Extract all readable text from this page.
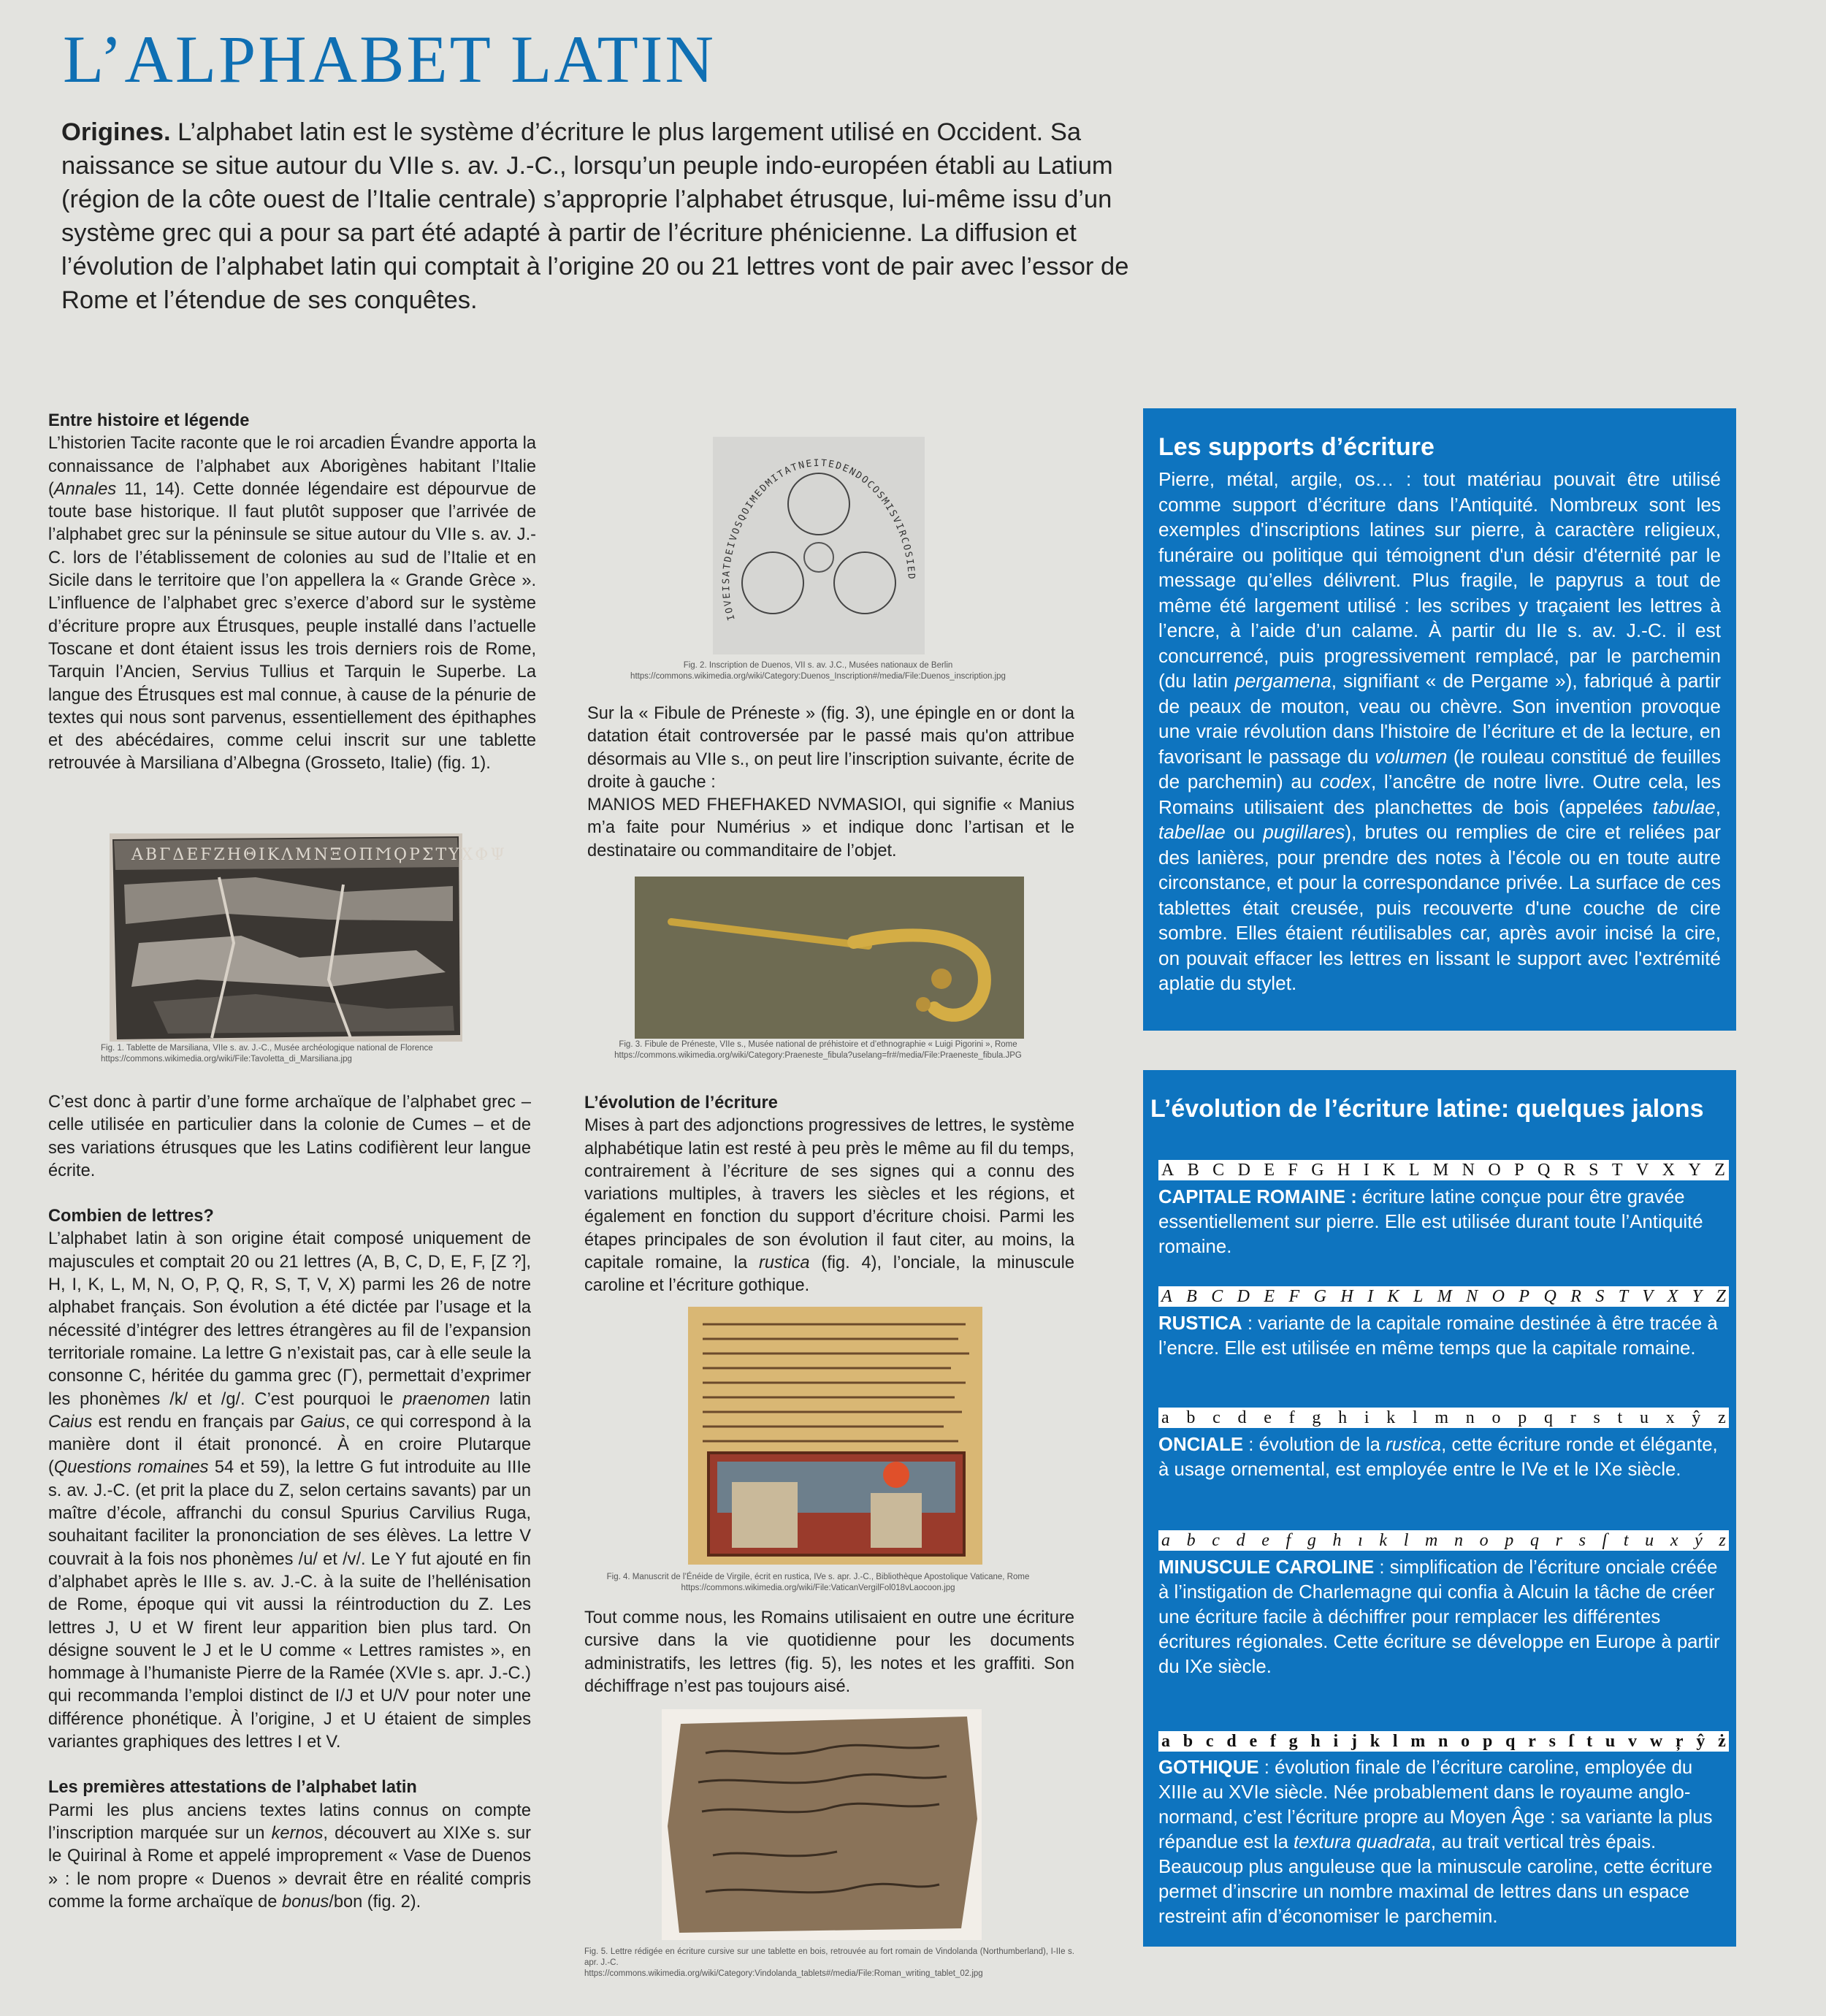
L’ALPHABET LATIN

Origines. L’alphabet latin est le système d’écriture le plus largement utilisé en Occident. Sa naissance se situe autour du VIIe s. av. J.-C., lorsqu’un peuple indo-européen établi au Latium (région de la côte ouest de l’Italie centrale) s’approprie l’alphabet étrusque, lui-même issu d’un système grec qui a pour sa part été adapté à partir de l’écriture phénicienne. La diffusion et l’évolution de l’alphabet latin qui comptait à l’origine 20 ou 21 lettres vont de pair avec l’essor de Rome et l’étendue de ses conquêtes.

Entre histoire et légende

L’historien Tacite raconte que le roi arcadien Évandre apporta la connaissance de l’alphabet aux Aborigènes habitant l’Italie (Annales 11, 14). Cette donnée légendaire est dépourvue de toute base historique. Il faut plutôt supposer que l’arrivée de l’alphabet grec sur la péninsule se situe autour du VIIe s. av. J.-C. lors de l’établissement de colonies au sud de l’Italie et en Sicile dans le territoire que l’on appellera la « Grande Grèce ». L’influence de l’alphabet grec s’exerce d’abord sur le système d’écriture propre aux Étrusques, peuple installé dans l’actuelle Toscane et dont étaient issus les trois derniers rois de Rome, Tarquin l’Ancien, Servius Tullius et Tarquin le Superbe. La langue des Étrusques est mal connue, à cause de la pénurie de textes qui nous sont parvenus, essentiellement des épithaphes et des abécédaires, comme celui inscrit sur une tablette retrouvée à Marsiliana d’Albegna (Grosseto, Italie) (fig. 1).

ΑΒΓΔΕϜΖΗΘΙΚΛΜΝΞΟΠϺϘΡΣΤΥΧΦΨ
Fig. 1. Tablette de Marsiliana, VIIe s. av. J.-C., Musée archéologique national de Florence
https://commons.wikimedia.org/wiki/File:Tavoletta_di_Marsiliana.jpg

C’est donc à partir d’une forme archaïque de l’alphabet grec – celle utilisée en particulier dans la colonie de Cumes – et de ses variations étrusques que les Latins codifièrent leur langue écrite.

Combien de lettres?

L’alphabet latin à son origine était composé uniquement de majuscules et comptait 20 ou 21 lettres (A, B, C, D, E, F, [Z ?], H, I, K, L, M, N, O, P, Q, R, S, T, V, X) parmi les 26 de notre alphabet français. Son évolution a été dictée par l’usage et la nécessité d’intégrer des lettres étrangères au fil de l’expansion territoriale romaine. La lettre G n’existait pas, car à elle seule la consonne C, héritée du gamma grec (Γ), permettait d’exprimer les phonèmes /k/ et /g/. C’est pourquoi le praenomen latin Caius est rendu en français par Gaius, ce qui correspond à la manière dont il était prononcé. À en croire Plutarque (Questions romaines 54 et 59), la lettre G fut introduite au IIIe s. av. J.-C. (et prit la place du Z, selon certains savants) par un maître d’école, affranchi du consul Spurius Carvilius Ruga, souhaitant faciliter la prononciation de ses élèves. La lettre V couvrait à la fois nos phonèmes /u/ et /v/. Le Y fut ajouté en fin d’alphabet après le IIIe s. av. J.-C. à la suite de l’hellénisation de Rome, époque qui vit aussi la réintroduction du Z. Les lettres J, U et W firent leur apparition bien plus tard. On désigne souvent le J et le U comme « Lettres ramistes », en hommage à l’humaniste Pierre de la Ramée (XVIe s. apr. J.-C.) qui recommanda l’emploi distinct de I/J et U/V pour noter une différence phonétique. À l’origine, J et U étaient de simples variantes graphiques des lettres I et V.

Les premières attestations de l’alphabet latin

Parmi les plus anciens textes latins connus on compte l’inscription marquée sur un kernos, découvert au XIXe s. sur le Quirinal à Rome et appelé improprement « Vase de Duenos » : le nom propre « Duenos » devrait être en réalité compris comme la forme archaïque de bonus/bon (fig. 2).

IOVEISATDEIVOSQOIMEDMITATNEITEDENDOCOSMISVIRCOSIED
Fig. 2. Inscription de Duenos, VII s. av. J.C., Musées nationaux de Berlin
https://commons.wikimedia.org/wiki/Category:Duenos_Inscription#/media/File:Duenos_inscription.jpg

Sur la « Fibule de Préneste » (fig. 3), une épingle en or dont la datation était controversée par le passé mais qu'on attribue désormais au VIIe s., on peut lire l’inscription suivante, écrite de droite à gauche :

MANIOS MED FHEFHAKED NVMASIOI, qui signifie « Manius m’a faite pour Numérius » et indique donc l’artisan et le destinataire ou commanditaire de l’objet.

Fig. 3. Fibule de Préneste, VIIe s., Musée national de préhistoire et d’ethnographie « Luigi Pigorini », Rome
https://commons.wikimedia.org/wiki/Category:Praeneste_fibula?uselang=fr#/media/File:Praeneste_fibula.JPG
L’évolution de l’écriture

Mises à part des adjonctions progressives de lettres, le système alphabétique latin est resté à peu près le même au fil du temps, contrairement à l’écriture de ses signes qui a connu des variations multiples, à travers les siècles et les régions, et également en fonction du support d’écriture choisi. Parmi les étapes principales de son évolution il faut citer, au moins, la capitale romaine, la rustica (fig. 4), l’onciale, la minuscule caroline et l’écriture gothique.

Fig. 4. Manuscrit de l’Énéide de Virgile, écrit en rustica, IVe s. apr. J.-C., Bibliothèque Apostolique Vaticane, Rome
https://commons.wikimedia.org/wiki/File:VaticanVergilFol018vLaocoon.jpg

Tout comme nous, les Romains utilisaient en outre une écriture cursive dans la vie quotidienne pour les documents administratifs, les lettres (fig. 5), les notes et les graffiti. Son déchiffrage n’est pas toujours aisé.

Fig. 5. Lettre rédigée en écriture cursive sur une tablette en bois, retrouvée au fort romain de Vindolanda (Northumberland), I-IIe s. apr. J.-C.
https://commons.wikimedia.org/wiki/Category:Vindolanda_tablets#/media/File:Roman_writing_tablet_02.jpg
Les supports d’écriture

Pierre, métal, argile, os… : tout matériau pouvait être utilisé comme support d’écriture dans l’Antiquité. Nombreux sont les exemples d'inscriptions latines sur pierre, à caractère religieux, funéraire ou politique qui témoignent d'un désir d'éternité par le message qu’elles délivrent. Plus fragile, le papyrus a tout de même été largement utilisé : les scribes y traçaient les lettres à l’encre, à l’aide d’un calame. À partir du IIe s. av. J.-C. il est concurrencé, puis progressivement remplacé, par le parchemin (du latin pergamena, signifiant « de Pergame »), fabriqué à partir de peaux de mouton, veau ou chèvre. Son invention provoque une vraie révolution dans l'histoire de l’écriture et de la lecture, en favorisant le passage du volumen (le rouleau constitué de feuilles de parchemin) au codex, l’ancêtre de notre livre. Outre cela, les Romains utilisaient des planchettes de bois (appelées tabulae, tabellae ou pugillares), brutes ou remplies de cire et reliées par des lanières, pour prendre des notes à l'école ou en toute autre circonstance, et pour la correspondance privée. La surface de ces tablettes était creusée, puis recouverte d'une couche de cire sombre. Elles étaient réutilisables car, après avoir incisé la cire, on pouvait effacer les lettres en lissant le support avec l'extrémité aplatie du stylet.

L’évolution de l’écriture latine: quelques jalons
A B C D E F G H I K L M N O P Q R S T V X Y Z

CAPITALE ROMAINE : écriture latine conçue pour être gravée essentiellement sur pierre. Elle est utilisée durant toute l’Antiquité romaine.

A B C D E F G H I K L M N O P Q R S T V X Y Z

RUSTICA : variante de la capitale romaine destinée à être tracée à l’encre. Elle est utilisée en même temps que la capitale romaine.

a b c d e f g h i k l m n o p q r s t u x ŷ z

ONCIALE : évolution de la rustica, cette écriture ronde et élégante, à usage ornemental, est employée entre le IVe et le IXe siècle.

a b c d e f g h ı k l m n o p q r s ſ t u x ý z

MINUSCULE CAROLINE : simplification de l’écriture onciale créée à l’instigation de Charlemagne qui confia à Alcuin la tâche de créer une écriture facile à déchiffrer pour remplacer les différentes écritures régionales. Cette écriture se développe en Europe à partir du IXe siècle.

a b c d e f g h i j k l m n o p q r s ſ t u v w ŗ ŷ ż

GOTHIQUE : évolution finale de l’écriture caroline, employée du XIIIe au XVIe siècle. Née probablement dans le royaume anglo-normand, c’est l’écriture propre au Moyen Âge : sa variante la plus répandue est la textura quadrata, au trait vertical très épais. Beaucoup plus anguleuse que la minuscule caroline, cette écriture permet d’inscrire un nombre maximal de lettres dans un espace restreint afin d’économiser le parchemin.
